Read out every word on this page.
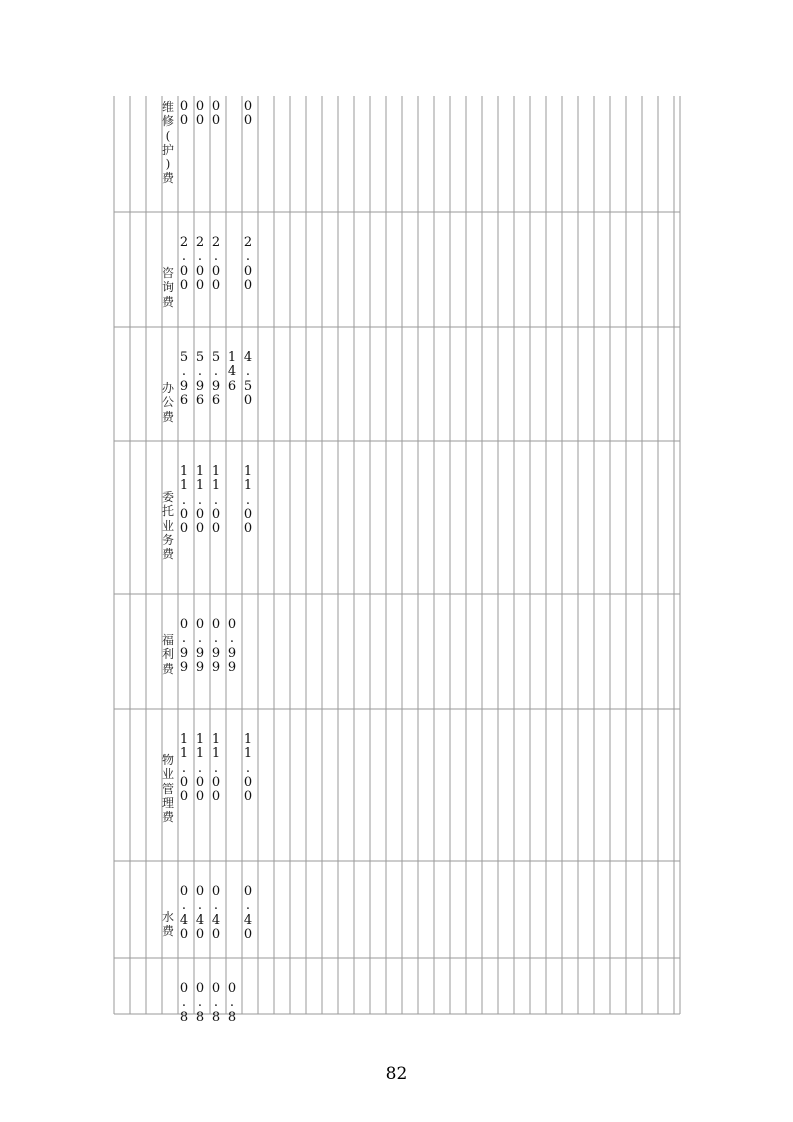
维
修
(
护
)
费
0
0
0
0
0
0
0
0
咨
询
费
2
.
0
0
2
.
0
0
2
.
0
0
2
.
0
0
办
公
费
5
.
9
6
5
.
9
6
5
.
9
6
1
4
6
4
.
5
0
委
托
业
务
费
1
1
.
0
0
1
1
.
0
0
1
1
.
0
0
1
1
.
0
0
福
利
费
0
.
9
9
0
.
9
9
0
.
9
9
0
.
9
9
物
业
管
理
费
1
1
.
0
0
1
1
.
0
0
1
1
.
0
0
1
1
.
0
0
水
费
0
.
4
0
0
.
4
0
0
.
4
0
0
.
4
0
0
.
8
0
.
8
0
.
8
0
.
8
82
